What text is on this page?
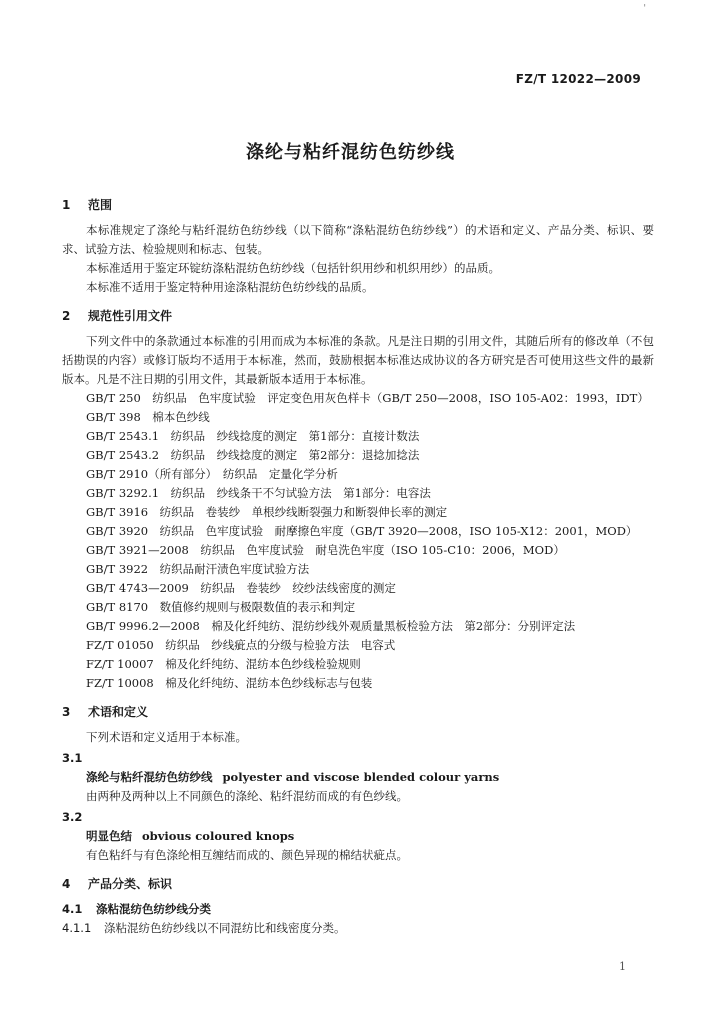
'
FZ/T 12022—2009
涤纶与粘纤混纺色纺纱线
1 范围

本标准规定了涤纶与粘纤混纺色纺纱线（以下简称“涤粘混纺色纺纱线”）的术语和定义、产品分类、标识、要求、试验方法、检验规则和标志、包装。

本标准适用于鉴定环锭纺涤粘混纺色纺纱线（包括针织用纱和机织用纱）的品质。

本标准不适用于鉴定特种用途涤粘混纺色纺纱线的品质。

2 规范性引用文件

下列文件中的条款通过本标准的引用而成为本标准的条款。凡是注日期的引用文件，其随后所有的修改单（不包括勘误的内容）或修订版均不适用于本标准，然而，鼓励根据本标准达成协议的各方研究是否可使用这些文件的最新版本。凡是不注日期的引用文件，其最新版本适用于本标准。

GB/T 250　纺织品　色牢度试验　评定变色用灰色样卡（GB/T 250—2008，ISO 105-A02：1993，IDT）
GB/T 398　棉本色纱线
GB/T 2543.1　纺织品　纱线捻度的测定　第1部分：直接计数法
GB/T 2543.2　纺织品　纱线捻度的测定　第2部分：退捻加捻法
GB/T 2910（所有部分）　纺织品　定量化学分析
GB/T 3292.1　纺织品　纱线条干不匀试验方法　第1部分：电容法
GB/T 3916　纺织品　卷装纱　单根纱线断裂强力和断裂伸长率的测定
GB/T 3920　纺织品　色牢度试验　耐摩擦色牢度（GB/T 3920—2008，ISO 105-X12：2001，MOD）
GB/T 3921—2008　纺织品　色牢度试验　耐皂洗色牢度（ISO 105-C10：2006，MOD）
GB/T 3922　纺织品耐汗渍色牢度试验方法
GB/T 4743—2009　纺织品　卷装纱　绞纱法线密度的测定
GB/T 8170　数值修约规则与极限数值的表示和判定
GB/T 9996.2—2008　棉及化纤纯纺、混纺纱线外观质量黑板检验方法　第2部分：分别评定法
FZ/T 01050　纺织品　纱线疵点的分级与检验方法　电容式
FZ/T 10007　棉及化纤纯纺、混纺本色纱线检验规则
FZ/T 10008　棉及化纤纯纺、混纺本色纱线标志与包装
3 术语和定义

下列术语和定义适用于本标准。

3.1
涤纶与粘纤混纺色纺纱线 polyester and viscose blended colour yarns
由两种及两种以上不同颜色的涤纶、粘纤混纺而成的有色纱线。
3.2
明显色结 obvious coloured knops
有色粘纤与有色涤纶相互缠结而成的、颜色异现的棉结状疵点。
4 产品分类、标识
4.1 涤粘混纺色纺纱线分类
4.1.1 涤粘混纺色纺纱线以不同混纺比和线密度分类。
1
